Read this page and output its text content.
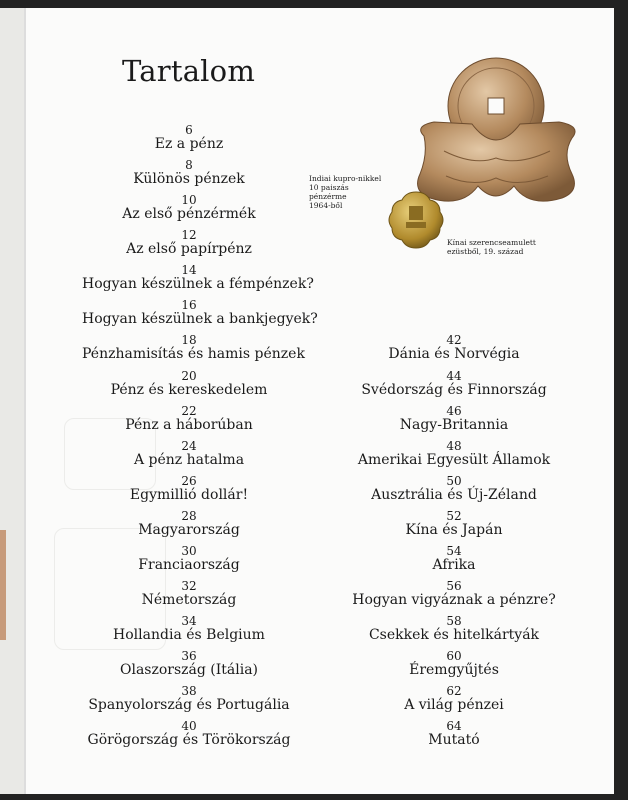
Tartalom
Indiai kupro-nikkel
10 paiszás pénzérme
1964-ből
Kínai szerencseamulett
ezüstből, 19. század
6
Ez a pénz
8
Különös pénzek
10
Az első pénzérmék
12
Az első papírpénz
14
Hogyan készülnek a fémpénzek?
16
Hogyan készülnek a bankjegyek?
18
Pénzhamisítás és hamis pénzek
20
Pénz és kereskedelem
22
Pénz a háborúban
24
A pénz hatalma
26
Egymillió dollár!
28
Magyarország
30
Franciaország
32
Németország
34
Hollandia és Belgium
36
Olaszország (Itália)
38
Spanyolország és Portugália
40
Görögország és Törökország
42
Dánia és Norvégia
44
Svédország és Finnország
46
Nagy-Britannia
48
Amerikai Egyesült Államok
50
Ausztrália és Új-Zéland
52
Kína és Japán
54
Afrika
56
Hogyan vigyáznak a pénzre?
58
Csekkek és hitelkártyák
60
Éremgyűjtés
62
A világ pénzei
64
Mutató
